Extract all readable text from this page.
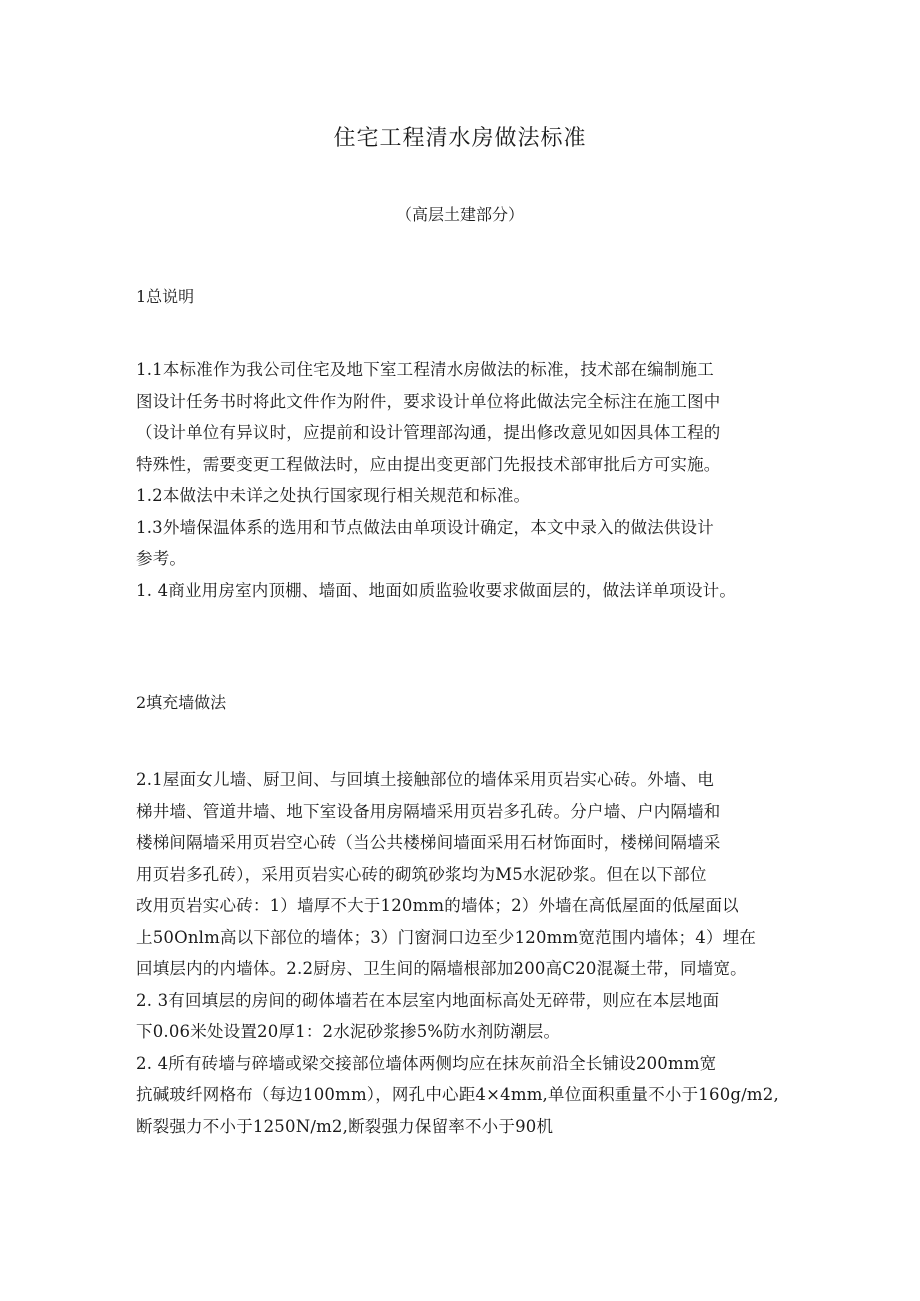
住宅工程清水房做法标准
（高层土建部分）
1总说明
1.1本标准作为我公司住宅及地下室工程清水房做法的标准，技术部在编制施工
图设计任务书时将此文件作为附件，要求设计单位将此做法完全标注在施工图中
（设计单位有异议时，应提前和设计管理部沟通，提出修改意见如因具体工程的
特殊性，需要变更工程做法时，应由提出变更部门先报技术部审批后方可实施。
1.2本做法中未详之处执行国家现行相关规范和标准。
1.3外墙保温体系的选用和节点做法由单项设计确定，本文中录入的做法供设计
参考。
1. 4商业用房室内顶棚、墙面、地面如质监验收要求做面层的，做法详单项设计。
2填充墙做法
2.1屋面女儿墙、厨卫间、与回填土接触部位的墙体采用页岩实心砖。外墙、电
梯井墙、管道井墙、地下室设备用房隔墙采用页岩多孔砖。分户墙、户内隔墙和
楼梯间隔墙采用页岩空心砖（当公共楼梯间墙面采用石材饰面时，楼梯间隔墙采
用页岩多孔砖），采用页岩实心砖的砌筑砂浆均为M5水泥砂浆。但在以下部位
改用页岩实心砖：1）墙厚不大于120mm的墙体；2）外墙在高低屋面的低屋面以
上50Onlm高以下部位的墙体；3）门窗洞口边至少120mm宽范围内墙体；4）埋在
回填层内的内墙体。2.2厨房、卫生间的隔墙根部加200高C20混凝土带，同墙宽。
2. 3有回填层的房间的砌体墙若在本层室内地面标高处无碎带，则应在本层地面
下0.06米处设置20厚1：2水泥砂浆掺5%防水剂防潮层。
2. 4所有砖墙与碎墙或梁交接部位墙体两侧均应在抹灰前沿全长铺设200mm宽
抗碱玻纤网格布（每边100mm），网孔中心距4×4mm,单位面积重量不小于160g∕m2,
断裂强力不小于1250N∕m2,断裂强力保留率不小于90机
